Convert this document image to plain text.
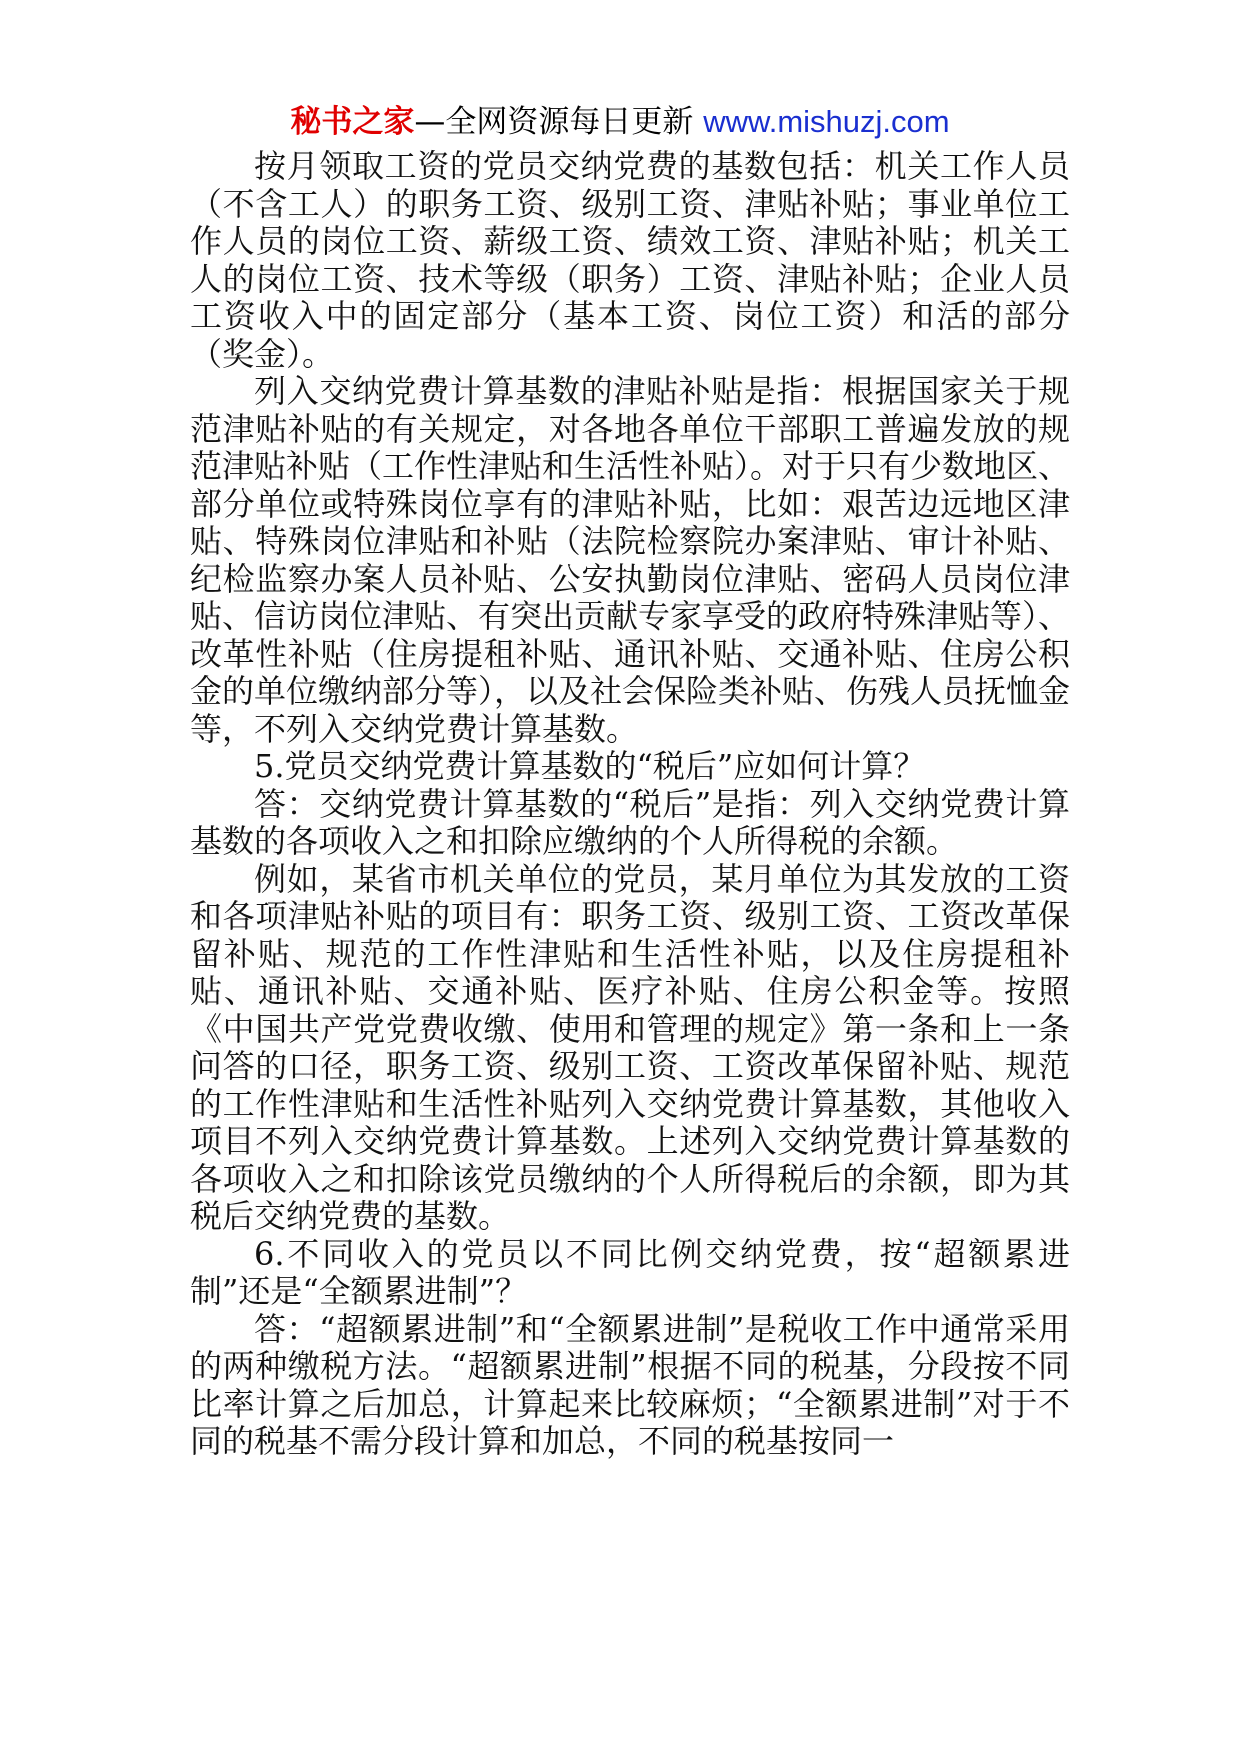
秘书之家—全网资源每日更新 www.mishuzj.com

按月领取工资的党员交纳党费的基数包括：机关工作人员（不含工人）的职务工资、级别工资、津贴补贴；事业单位工作人员的岗位工资、薪级工资、绩效工资、津贴补贴；机关工人的岗位工资、技术等级（职务）工资、津贴补贴；企业人员工资收入中的固定部分（基本工资、岗位工资）和活的部分（奖金）。

列入交纳党费计算基数的津贴补贴是指：根据国家关于规范津贴补贴的有关规定，对各地各单位干部职工普遍发放的规范津贴补贴（工作性津贴和生活性补贴）。对于只有少数地区、部分单位或特殊岗位享有的津贴补贴，比如：艰苦边远地区津贴、特殊岗位津贴和补贴（法院检察院办案津贴、审计补贴、纪检监察办案人员补贴、公安执勤岗位津贴、密码人员岗位津贴、信访岗位津贴、有突出贡献专家享受的政府特殊津贴等）、改革性补贴（住房提租补贴、通讯补贴、交通补贴、住房公积金的单位缴纳部分等），以及社会保险类补贴、伤残人员抚恤金等，不列入交纳党费计算基数。

5.党员交纳党费计算基数的“税后”应如何计算？

答：交纳党费计算基数的“税后”是指：列入交纳党费计算基数的各项收入之和扣除应缴纳的个人所得税的余额。

例如，某省市机关单位的党员，某月单位为其发放的工资和各项津贴补贴的项目有：职务工资、级别工资、工资改革保留补贴、规范的工作性津贴和生活性补贴，以及住房提租补贴、通讯补贴、交通补贴、医疗补贴、住房公积金等。按照《中国共产党党费收缴、使用和管理的规定》第一条和上一条问答的口径，职务工资、级别工资、工资改革保留补贴、规范的工作性津贴和生活性补贴列入交纳党费计算基数，其他收入项目不列入交纳党费计算基数。上述列入交纳党费计算基数的各项收入之和扣除该党员缴纳的个人所得税后的余额，即为其税后交纳党费的基数。

6.不同收入的党员以不同比例交纳党费，按“超额累进制”还是“全额累进制”？

答：“超额累进制”和“全额累进制”是税收工作中通常采用的两种缴税方法。“超额累进制”根据不同的税基，分段按不同比率计算之后加总，计算起来比较麻烦；“全额累进制”对于不同的税基不需分段计算和加总，不同的税基按同一
